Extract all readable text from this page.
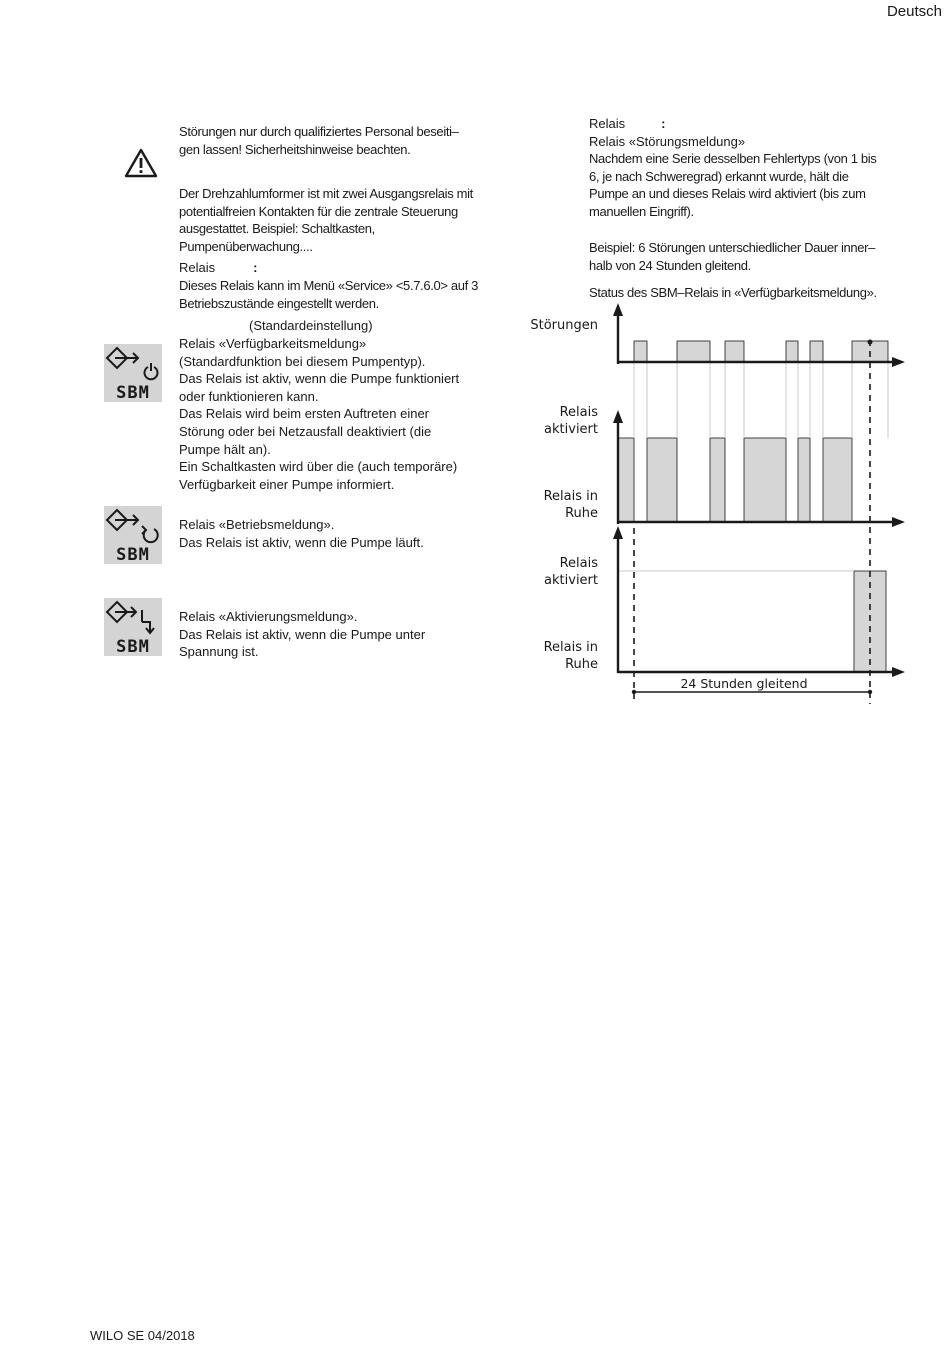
Deutsch

Störungen nur durch qualifiziertes Personal beseiti– gen lassen! Sicherheitshinweise beachten.

Der Drehzahlumformer ist mit zwei Ausgangsrelais mit potentialfreien Kontakten für die zentrale Steuerung ausgestattet. Beispiel: Schaltkasten, Pumpenüberwachung....

Relais	:

Dieses Relais kann im Menü «Service» <5.7.6.0> auf 3 Betriebszustände eingestellt werden.

(Standardeinstellung)
SBM

Relais «Verfügbarkeitsmeldung»

(Standardfunktion bei diesem Pumpentyp).

Das Relais ist aktiv, wenn die Pumpe funktioniert

oder funktionieren kann.

Das Relais wird beim ersten Auftreten einer

Störung oder bei Netzausfall deaktiviert (die

Pumpe hält an).

Ein Schaltkasten wird über die (auch temporäre)

Verfügbarkeit einer Pumpe informiert.

SBM

Relais «Betriebsmeldung».

Das Relais ist aktiv, wenn die Pumpe läuft.

SBM

Relais «Aktivierungsmeldung».

Das Relais ist aktiv, wenn die Pumpe unter

Spannung ist.

Relais	:
Relais «Störungsmeldung»

Nachdem eine Serie desselben Fehlertyps (von 1 bis 6, je nach Schweregrad) erkannt wurde, hält die Pumpe an und dieses Relais wird aktiviert (bis zum manuellen Eingriff).

Beispiel: 6 Störungen unterschiedlicher Dauer inner– halb von 24 Stunden gleitend.

Status des SBM–Relais in «Verfügbarkeitsmeldung».
Störungen
Relais aktiviert
Relais in Ruhe
Relais aktiviert
Relais in Ruhe
24 Stunden gleitend
WILO SE 04/2018
